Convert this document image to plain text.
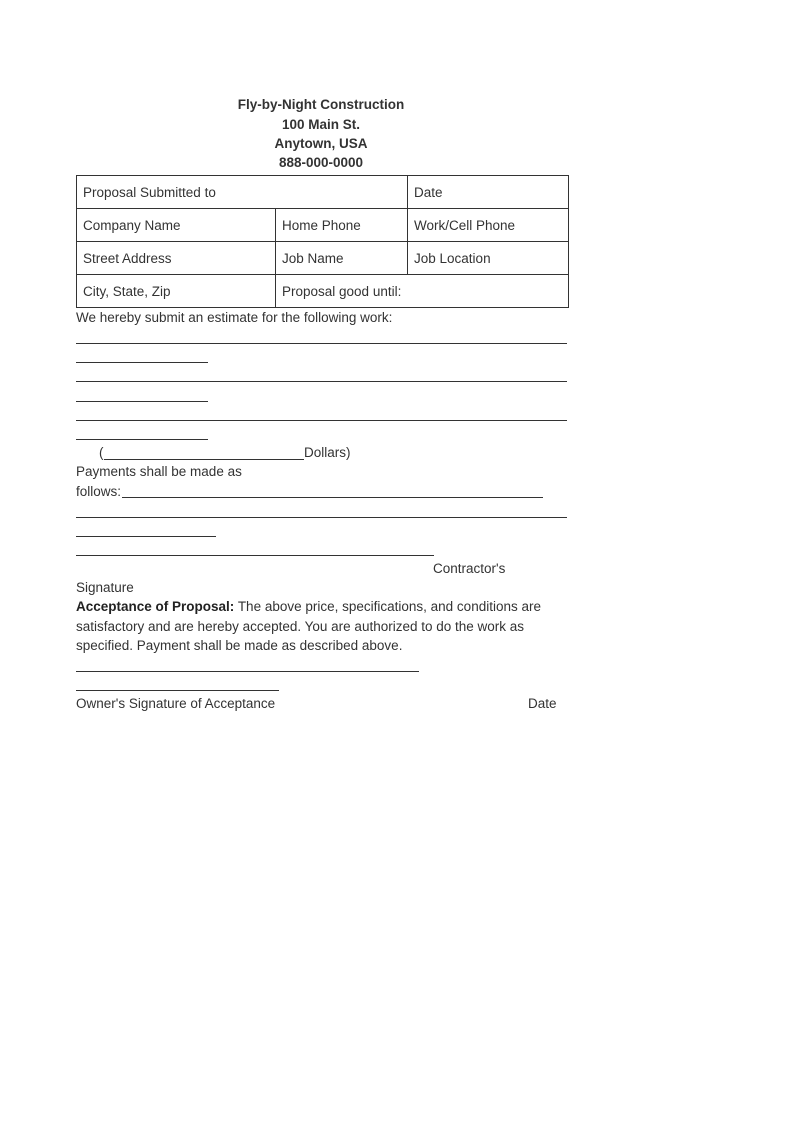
Fly-by-Night Construction
100 Main St.
Anytown, USA
888-000-0000
Proposal Submitted to		Date
Company Name	Home Phone	Work/Cell Phone
Street Address	Job Name	Job Location
City, State, Zip	Proposal good until:	
We hereby submit an estimate for the following work:
(	Dollars)
Payments shall be made as
follows:
Contractor's
Signature
Acceptance of Proposal: The above price, specifications, and conditions are
satisfactory and are hereby accepted. You are authorized to do the work as
specified. Payment shall be made as described above.
Owner's Signature of Acceptance	Date
